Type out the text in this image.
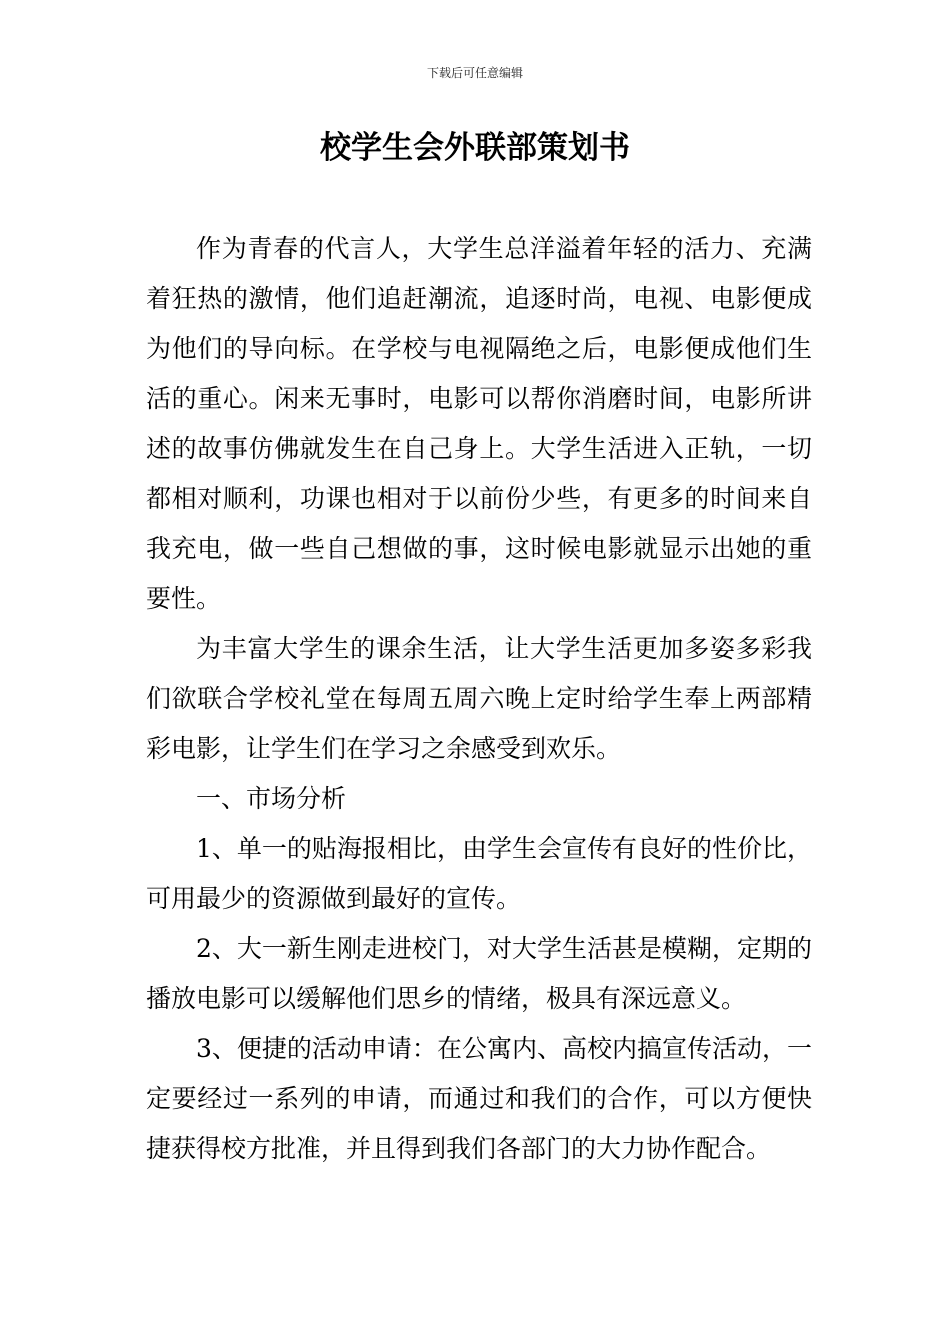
下载后可任意编辑
校学生会外联部策划书

作为青春的代言人，大学生总洋溢着年轻的活力、充满着狂热的激情，他们追赶潮流，追逐时尚，电视、电影便成为他们的导向标。在学校与电视隔绝之后，电影便成他们生活的重心。闲来无事时，电影可以帮你消磨时间，电影所讲述的故事仿佛就发生在自己身上。大学生活进入正轨，一切都相对顺利，功课也相对于以前份少些，有更多的时间来自我充电，做一些自己想做的事，这时候电影就显示出她的重要性。

为丰富大学生的课余生活，让大学生活更加多姿多彩我们欲联合学校礼堂在每周五周六晚上定时给学生奉上两部精彩电影，让学生们在学习之余感受到欢乐。

一、市场分析

1、单一的贴海报相比，由学生会宣传有良好的性价比，可用最少的资源做到最好的宣传。

2、大一新生刚走进校门，对大学生活甚是模糊，定期的播放电影可以缓解他们思乡的情绪，极具有深远意义。

3、便捷的活动申请：在公寓内、高校内搞宣传活动，一定要经过一系列的申请，而通过和我们的合作，可以方便快捷获得校方批准，并且得到我们各部门的大力协作配合。
